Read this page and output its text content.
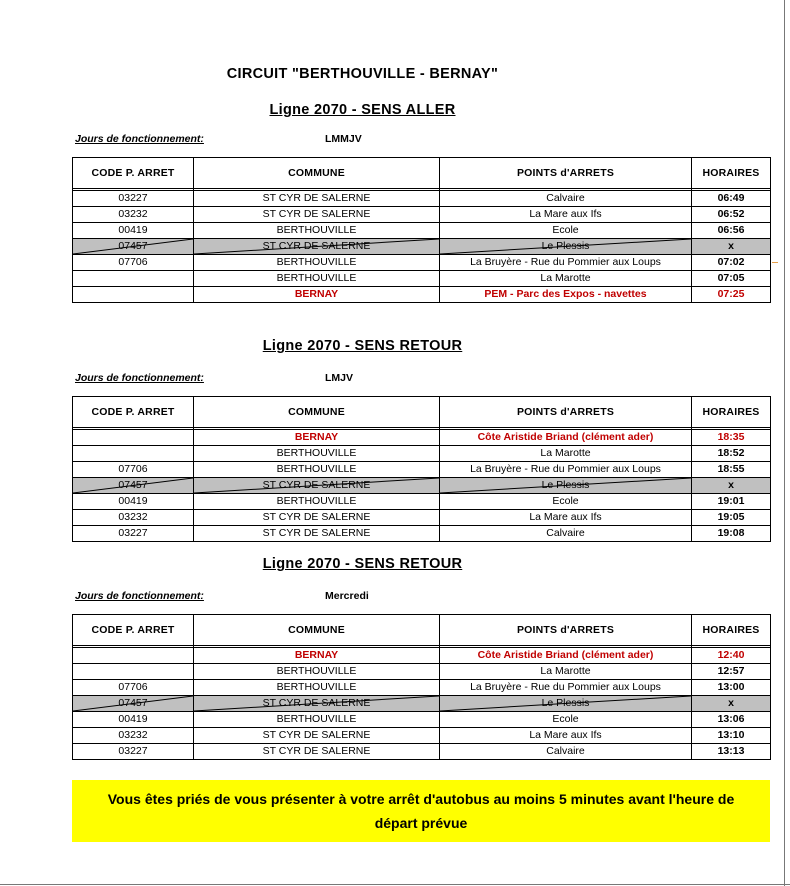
CIRCUIT "BERTHOUVILLE - BERNAY"
Ligne 2070 - SENS ALLER
Jours de fonctionnement:	LMMJV
CODE P. ARRET	COMMUNE	POINTS d'ARRETS	HORAIRES

03227	ST CYR DE SALERNE	Calvaire	06:49
03232	ST CYR DE SALERNE	La Mare aux Ifs	06:52
00419	BERTHOUVILLE	Ecole	06:56

07457	ST CYR DE SALERNE	Le Plessis	x
07706	BERTHOUVILLE	La Bruyère - Rue du Pommier aux Loups	07:02
	BERTHOUVILLE	La Marotte	07:05
	BERNAY	PEM - Parc des Expos - navettes	07:25
Ligne 2070 - SENS RETOUR
Jours de fonctionnement:	LMJV
CODE P. ARRET	COMMUNE	POINTS d'ARRETS	HORAIRES

	BERNAY	Côte Aristide Briand (clément ader)	18:35
	BERTHOUVILLE	La Marotte	18:52
07706	BERTHOUVILLE	La Bruyère - Rue du Pommier aux Loups	18:55

07457	ST CYR DE SALERNE	Le Plessis	x
00419	BERTHOUVILLE	Ecole	19:01
03232	ST CYR DE SALERNE	La Mare aux Ifs	19:05
03227	ST CYR DE SALERNE	Calvaire	19:08
Ligne 2070 - SENS RETOUR
Jours de fonctionnement:	Mercredi
CODE P. ARRET	COMMUNE	POINTS d'ARRETS	HORAIRES

	BERNAY	Côte Aristide Briand (clément ader)	12:40
	BERTHOUVILLE	La Marotte	12:57
07706	BERTHOUVILLE	La Bruyère - Rue du Pommier aux Loups	13:00

07457	ST CYR DE SALERNE	Le Plessis	x
00419	BERTHOUVILLE	Ecole	13:06
03232	ST CYR DE SALERNE	La Mare aux Ifs	13:10
03227	ST CYR DE SALERNE	Calvaire	13:13
Vous êtes priés de vous présenter à votre arrêt d'autobus au moins 5 minutes avant l'heure de départ prévue
